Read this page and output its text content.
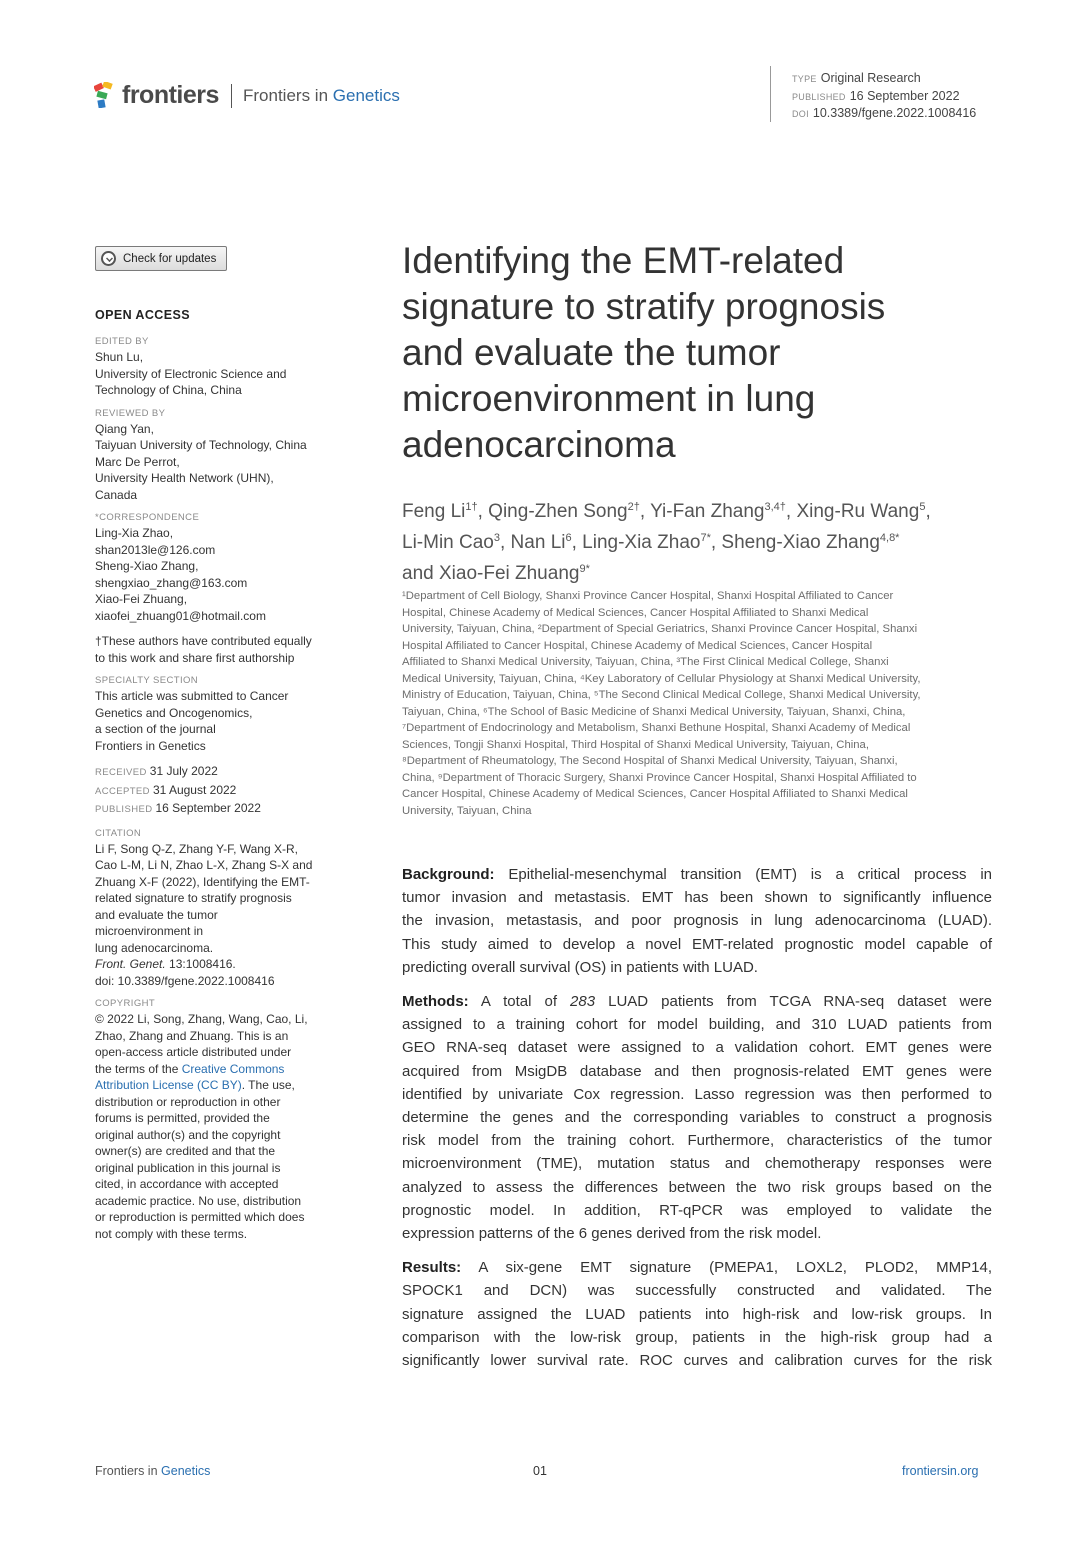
frontiers Frontiers in Genetics
TYPE Original Research
PUBLISHED 16 September 2022
DOI 10.3389/fgene.2022.1008416
Check for updates
OPEN ACCESS
EDITED BY
Shun Lu,
University of Electronic Science and
Technology of China, China
REVIEWED BY
Qiang Yan,
Taiyuan University of Technology, China
Marc De Perrot,
University Health Network (UHN),
Canada
*CORRESPONDENCE
Ling-Xia Zhao,
shan2013le@126.com
Sheng-Xiao Zhang,
shengxiao_zhang@163.com
Xiao-Fei Zhuang,
xiaofei_zhuang01@hotmail.com
†These authors have contributed equally
to this work and share first authorship
SPECIALTY SECTION
This article was submitted to Cancer
Genetics and Oncogenomics,
a section of the journal
Frontiers in Genetics
RECEIVED 31 July 2022
ACCEPTED 31 August 2022
PUBLISHED 16 September 2022
CITATION
Li F, Song Q-Z, Zhang Y-F, Wang X-R,
Cao L-M, Li N, Zhao L-X, Zhang S-X and
Zhuang X-F (2022), Identifying the EMT-
related signature to stratify prognosis
and evaluate the tumor
microenvironment in
lung adenocarcinoma.
Front. Genet. 13:1008416.
doi: 10.3389/fgene.2022.1008416
COPYRIGHT
© 2022 Li, Song, Zhang, Wang, Cao, Li,
Zhao, Zhang and Zhuang. This is an
open-access article distributed under
the terms of the Creative Commons
Attribution License (CC BY). The use,
distribution or reproduction in other
forums is permitted, provided the
original author(s) and the copyright
owner(s) are credited and that the
original publication in this journal is
cited, in accordance with accepted
academic practice. No use, distribution
or reproduction is permitted which does
not comply with these terms.
Identifying the EMT-related
signature to stratify prognosis
and evaluate the tumor
microenvironment in lung
adenocarcinoma
Feng $Li^{1\dagger}$, Qing-Zhen Song$^{2\dagger}$, Yi-Fan Zhang$^{3,4\dagger}$, Xing-Ru Wang$^5$,
Li-Min Cao$^3$, Nan Li$^6$, Ling-Xia Zhao$^{7*}$, Sheng-Xiao Zhang$^{4,8*}$
and Xiao-Fei Zhuang$^{9*}$
¹Department of Cell Biology, Shanxi Province Cancer Hospital, Shanxi Hospital Affiliated to Cancer
Hospital, Chinese Academy of Medical Sciences, Cancer Hospital Affiliated to Shanxi Medical
University, Taiyuan, China, ²Department of Special Geriatrics, Shanxi Province Cancer Hospital, Shanxi
Hospital Affiliated to Cancer Hospital, Chinese Academy of Medical Sciences, Cancer Hospital
Affiliated to Shanxi Medical University, Taiyuan, China, ³The First Clinical Medical College, Shanxi
Medical University, Taiyuan, China, ⁴Key Laboratory of Cellular Physiology at Shanxi Medical University,
Ministry of Education, Taiyuan, China, ⁵The Second Clinical Medical College, Shanxi Medical University,
Taiyuan, China, ⁶The School of Basic Medicine of Shanxi Medical University, Taiyuan, Shanxi, China,
⁷Department of Endocrinology and Metabolism, Shanxi Bethune Hospital, Shanxi Academy of Medical
Sciences, Tongji Shanxi Hospital, Third Hospital of Shanxi Medical University, Taiyuan, China,
⁸Department of Rheumatology, The Second Hospital of Shanxi Medical University, Taiyuan, Shanxi,
China, ⁹Department of Thoracic Surgery, Shanxi Province Cancer Hospital, Shanxi Hospital Affiliated to
Cancer Hospital, Chinese Academy of Medical Sciences, Cancer Hospital Affiliated to Shanxi Medical
University, Taiyuan, China
Background: Epithelial-mesenchymal transition (EMT) is a critical process in
tumor invasion and metastasis. EMT has been shown to significantly influence
the invasion, metastasis, and poor prognosis in lung adenocarcinoma (LUAD).
This study aimed to develop a novel EMT-related prognostic model capable of
predicting overall survival (OS) in patients with LUAD.
Methods: A total of 283 LUAD patients from TCGA RNA-seq dataset were
assigned to a training cohort for model building, and 310 LUAD patients from
GEO RNA-seq dataset were assigned to a validation cohort. EMT genes were
acquired from MsigDB database and then prognosis-related EMT genes were
identified by univariate Cox regression. Lasso regression was then performed to
determine the genes and the corresponding variables to construct a prognosis
risk model from the training cohort. Furthermore, characteristics of the tumor
microenvironment (TME), mutation status and chemotherapy responses were
analyzed to assess the differences between the two risk groups based on the
prognostic model. In addition, RT-qPCR was employed to validate the
expression patterns of the 6 genes derived from the risk model.
Results: A six-gene EMT signature (PMEPA1, LOXL2, PLOD2, MMP14,
SPOCK1 and DCN) was successfully constructed and validated. The
signature assigned the LUAD patients into high-risk and low-risk groups. In
comparison with the low-risk group, patients in the high-risk group had a
significantly lower survival rate. ROC curves and calibration curves for the risk
Frontiers in Genetics	01	frontiersin.org
